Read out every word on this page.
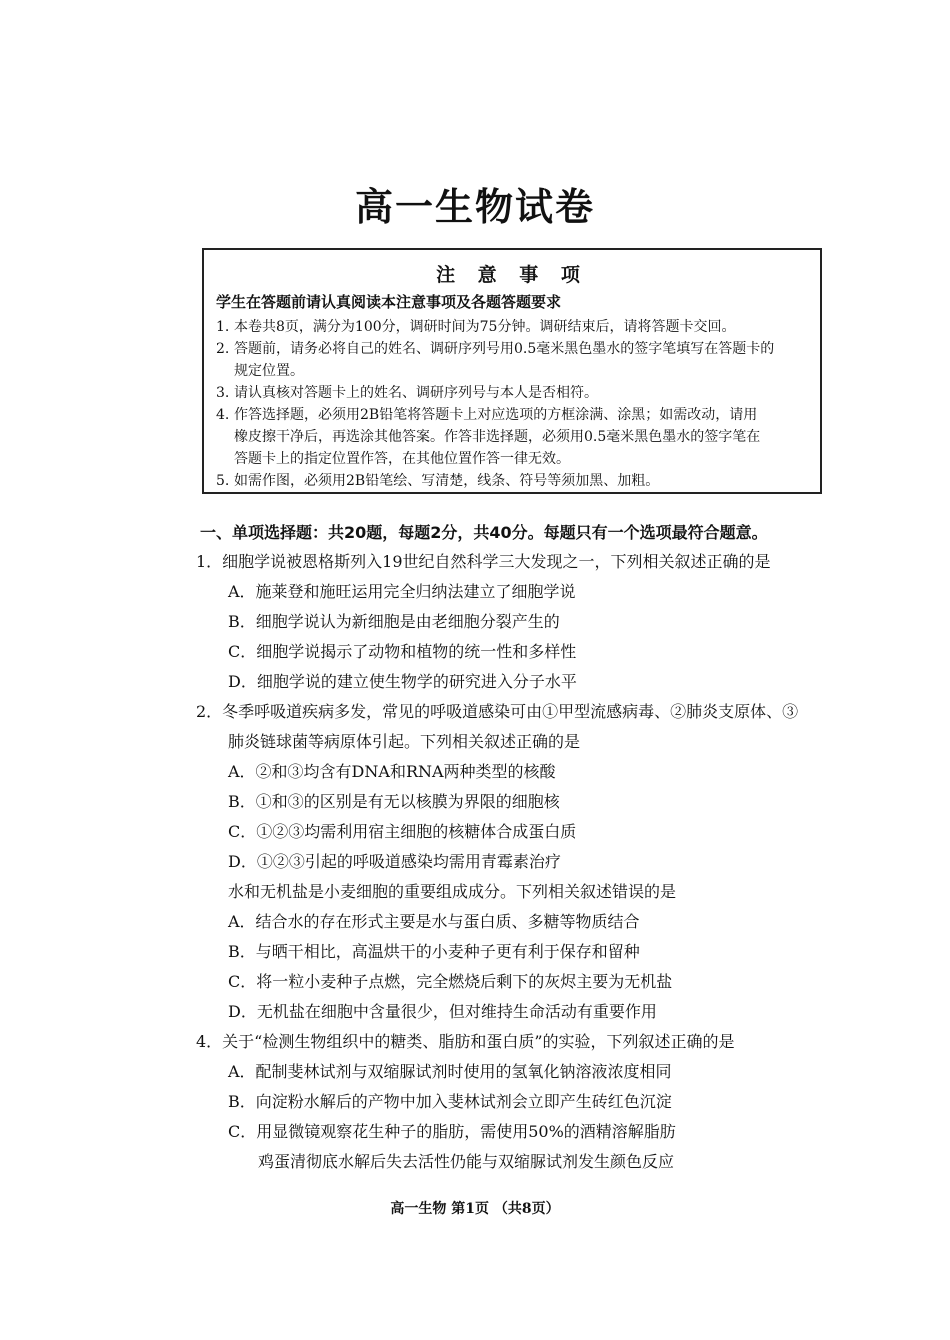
高一生物试卷

注 意 事 项

学生在答题前请认真阅读本注意事项及各题答题要求

1. 本卷共8页，满分为100分，调研时间为75分钟。调研结束后，请将答题卡交回。

2. 答题前，请务必将自己的姓名、调研序列号用0.5毫米黑色墨水的签字笔填写在答题卡的
规定位置。

3. 请认真核对答题卡上的姓名、调研序列号与本人是否相符。

4. 作答选择题，必须用2B铅笔将答题卡上对应选项的方框涂满、涂黑；如需改动，请用
橡皮擦干净后，再选涂其他答案。作答非选择题，必须用0.5毫米黑色墨水的签字笔在
答题卡上的指定位置作答，在其他位置作答一律无效。

5. 如需作图，必须用2B铅笔绘、写清楚，线条、符号等须加黑、加粗。

一、单项选择题：共20题，每题2分，共40分。每题只有一个选项最符合题意。

1．细胞学说被恩格斯列入19世纪自然科学三大发现之一，下列相关叙述正确的是

A．施莱登和施旺运用完全归纳法建立了细胞学说

B．细胞学说认为新细胞是由老细胞分裂产生的

C．细胞学说揭示了动物和植物的统一性和多样性

D．细胞学说的建立使生物学的研究进入分子水平

2．冬季呼吸道疾病多发，常见的呼吸道感染可由①甲型流感病毒、②肺炎支原体、③

肺炎链球菌等病原体引起。下列相关叙述正确的是

A．②和③均含有DNA和RNA两种类型的核酸

B．①和③的区别是有无以核膜为界限的细胞核

C．①②③均需利用宿主细胞的核糖体合成蛋白质

D．①②③引起的呼吸道感染均需用青霉素治疗

水和无机盐是小麦细胞的重要组成成分。下列相关叙述错误的是

A．结合水的存在形式主要是水与蛋白质、多糖等物质结合

B．与晒干相比，高温烘干的小麦种子更有利于保存和留种

C．将一粒小麦种子点燃，完全燃烧后剩下的灰烬主要为无机盐

D．无机盐在细胞中含量很少，但对维持生命活动有重要作用

4．关于“检测生物组织中的糖类、脂肪和蛋白质”的实验，下列叙述正确的是

A．配制斐林试剂与双缩脲试剂时使用的氢氧化钠溶液浓度相同

B．向淀粉水解后的产物中加入斐林试剂会立即产生砖红色沉淀

C．用显微镜观察花生种子的脂肪，需使用50%的酒精溶解脂肪

鸡蛋清彻底水解后失去活性仍能与双缩脲试剂发生颜色反应

高一生物 第1页 （共8页）
